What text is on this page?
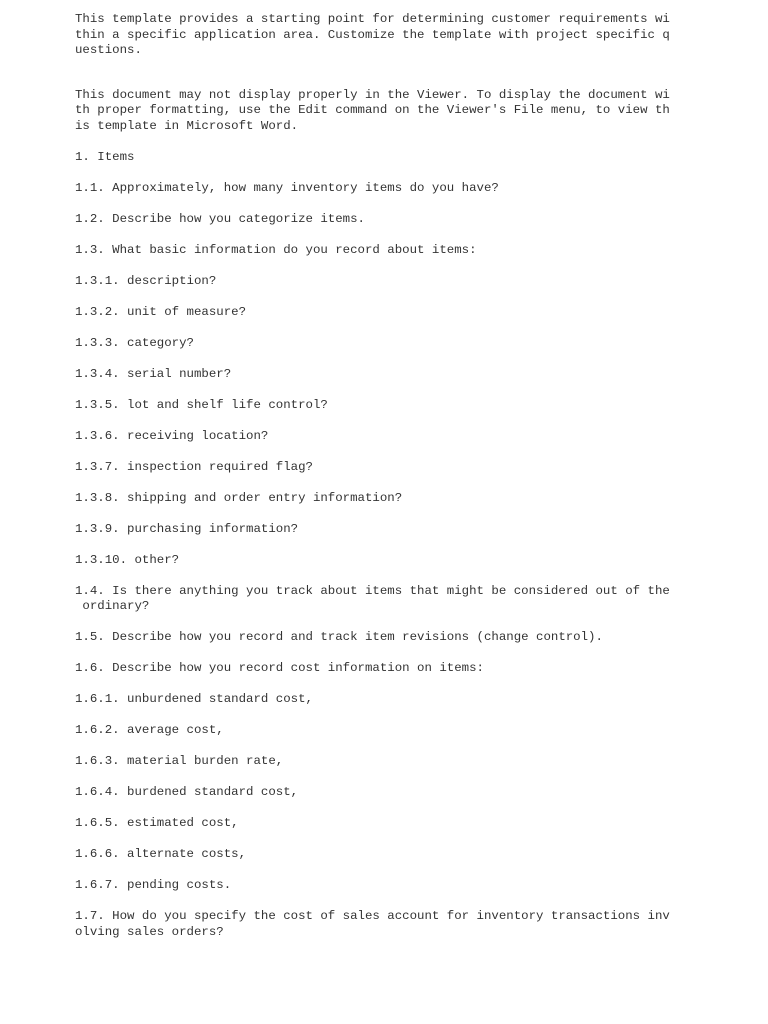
This template provides a starting point for determining customer requirements wi
thin a specific application area. Customize the template with project specific q
uestions.
This document may not display properly in the Viewer. To display the document wi
th proper formatting, use the Edit command on the Viewer's File menu, to view th
is template in Microsoft Word.
1. Items
1.1. Approximately, how many inventory items do you have?
1.2. Describe how you categorize items.
1.3. What basic information do you record about items:
1.3.1. description?
1.3.2. unit of measure?
1.3.3. category?
1.3.4. serial number?
1.3.5. lot and shelf life control?
1.3.6. receiving location?
1.3.7. inspection required flag?
1.3.8. shipping and order entry information?
1.3.9. purchasing information?
1.3.10. other?
1.4. Is there anything you track about items that might be considered out of the
ordinary?
1.5. Describe how you record and track item revisions (change control).
1.6. Describe how you record cost information on items:
1.6.1. unburdened standard cost,
1.6.2. average cost,
1.6.3. material burden rate,
1.6.4. burdened standard cost,
1.6.5. estimated cost,
1.6.6. alternate costs,
1.6.7. pending costs.
1.7. How do you specify the cost of sales account for inventory transactions inv
olving sales orders?
